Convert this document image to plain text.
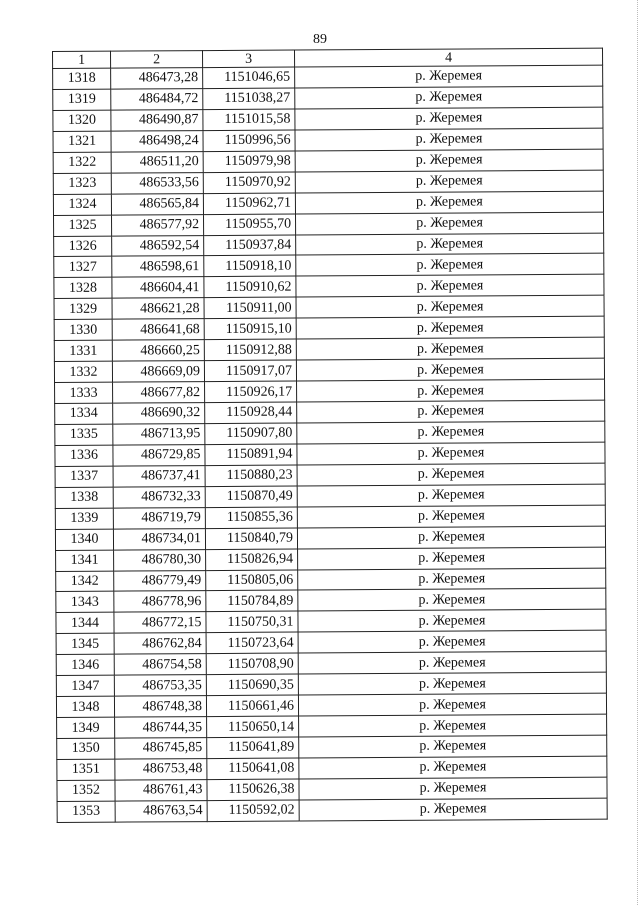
89
1	2	3	4
1318	486473,28	1151046,65	р. Жеремея
1319	486484,72	1151038,27	р. Жеремея
1320	486490,87	1151015,58	р. Жеремея
1321	486498,24	1150996,56	р. Жеремея
1322	486511,20	1150979,98	р. Жеремея
1323	486533,56	1150970,92	р. Жеремея
1324	486565,84	1150962,71	р. Жеремея
1325	486577,92	1150955,70	р. Жеремея
1326	486592,54	1150937,84	р. Жеремея
1327	486598,61	1150918,10	р. Жеремея
1328	486604,41	1150910,62	р. Жеремея
1329	486621,28	1150911,00	р. Жеремея
1330	486641,68	1150915,10	р. Жеремея
1331	486660,25	1150912,88	р. Жеремея
1332	486669,09	1150917,07	р. Жеремея
1333	486677,82	1150926,17	р. Жеремея
1334	486690,32	1150928,44	р. Жеремея
1335	486713,95	1150907,80	р. Жеремея
1336	486729,85	1150891,94	р. Жеремея
1337	486737,41	1150880,23	р. Жеремея
1338	486732,33	1150870,49	р. Жеремея
1339	486719,79	1150855,36	р. Жеремея
1340	486734,01	1150840,79	р. Жеремея
1341	486780,30	1150826,94	р. Жеремея
1342	486779,49	1150805,06	р. Жеремея
1343	486778,96	1150784,89	р. Жеремея
1344	486772,15	1150750,31	р. Жеремея
1345	486762,84	1150723,64	р. Жеремея
1346	486754,58	1150708,90	р. Жеремея
1347	486753,35	1150690,35	р. Жеремея
1348	486748,38	1150661,46	р. Жеремея
1349	486744,35	1150650,14	р. Жеремея
1350	486745,85	1150641,89	р. Жеремея
1351	486753,48	1150641,08	р. Жеремея
1352	486761,43	1150626,38	р. Жеремея
1353	486763,54	1150592,02	р. Жеремея
